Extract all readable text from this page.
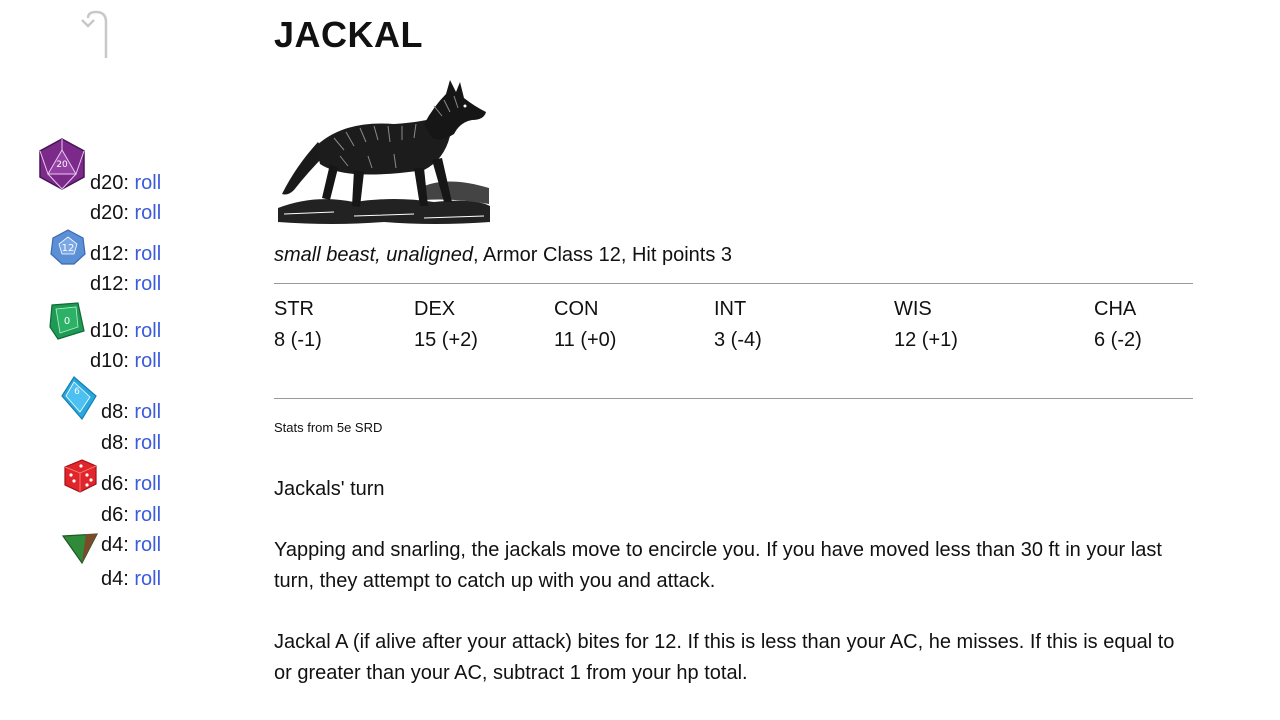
20
12
0
6
d20: roll
d20: roll
d12: roll
d12: roll
d10: roll
d10: roll
d8: roll
d8: roll
d6: roll
d6: roll
d4: roll
d4: roll
JACKAL
small beast, unaligned, Armor Class 12, Hit points 3
STR	DEX	CON	INT	WIS	CHA
8 (-1)	15 (+2)	11 (+0)	3 (-4)	12 (+1)	6 (-2)
Stats from 5e SRD

Jackals' turn

Yapping and snarling, the jackals move to encircle you. If you have moved less than 30 ft in your last turn, they attempt to catch up with you and attack.

Jackal A (if alive after your attack) bites for 12. If this is less than your AC, he misses. If this is equal to or greater than your AC, subtract 1 from your hp total.
